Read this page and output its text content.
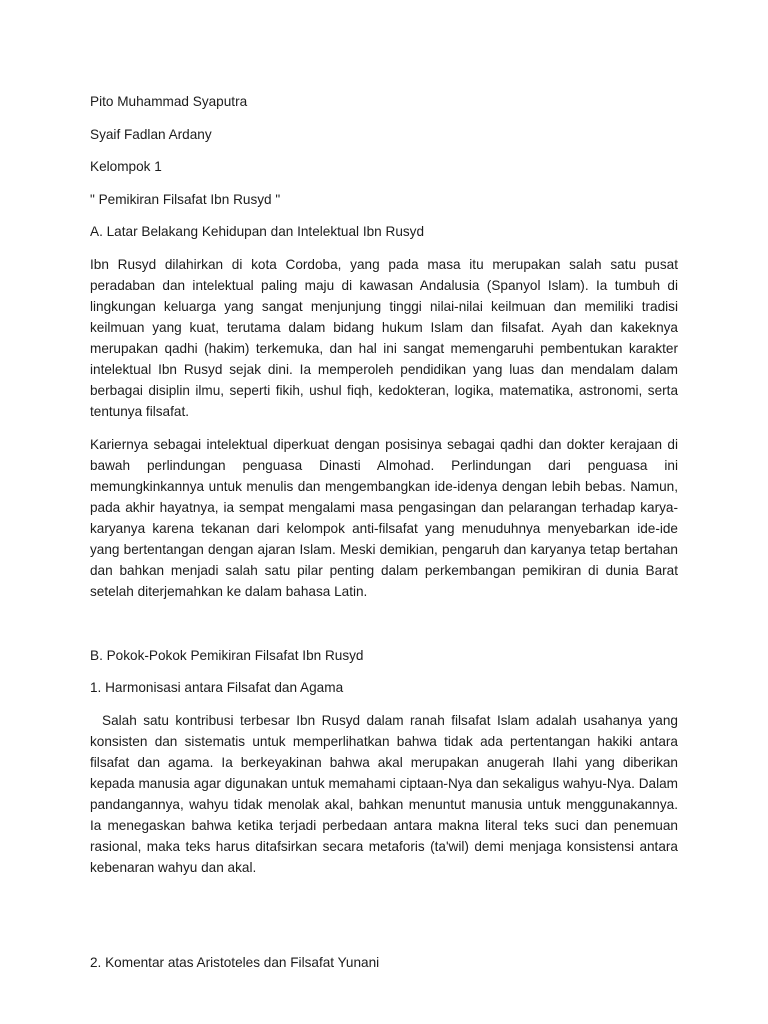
Pito Muhammad Syaputra

Syaif Fadlan Ardany

Kelompok 1

" Pemikiran Filsafat Ibn Rusyd "

A. Latar Belakang Kehidupan dan Intelektual Ibn Rusyd

Ibn Rusyd dilahirkan di kota Cordoba, yang pada masa itu merupakan salah satu pusat peradaban dan intelektual paling maju di kawasan Andalusia (Spanyol Islam). Ia tumbuh di lingkungan keluarga yang sangat menjunjung tinggi nilai-nilai keilmuan dan memiliki tradisi keilmuan yang kuat, terutama dalam bidang hukum Islam dan filsafat. Ayah dan kakeknya merupakan qadhi (hakim) terkemuka, dan hal ini sangat memengaruhi pembentukan karakter intelektual Ibn Rusyd sejak dini. Ia memperoleh pendidikan yang luas dan mendalam dalam berbagai disiplin ilmu, seperti fikih, ushul fiqh, kedokteran, logika, matematika, astronomi, serta tentunya filsafat.

Kariernya sebagai intelektual diperkuat dengan posisinya sebagai qadhi dan dokter kerajaan di bawah perlindungan penguasa Dinasti Almohad. Perlindungan dari penguasa ini memungkinkannya untuk menulis dan mengembangkan ide-idenya dengan lebih bebas. Namun, pada akhir hayatnya, ia sempat mengalami masa pengasingan dan pelarangan terhadap karya-karyanya karena tekanan dari kelompok anti-filsafat yang menuduhnya menyebarkan ide-ide yang bertentangan dengan ajaran Islam. Meski demikian, pengaruh dan karyanya tetap bertahan dan bahkan menjadi salah satu pilar penting dalam perkembangan pemikiran di dunia Barat setelah diterjemahkan ke dalam bahasa Latin.

B. Pokok-Pokok Pemikiran Filsafat Ibn Rusyd

1. Harmonisasi antara Filsafat dan Agama

Salah satu kontribusi terbesar Ibn Rusyd dalam ranah filsafat Islam adalah usahanya yang konsisten dan sistematis untuk memperlihatkan bahwa tidak ada pertentangan hakiki antara filsafat dan agama. Ia berkeyakinan bahwa akal merupakan anugerah Ilahi yang diberikan kepada manusia agar digunakan untuk memahami ciptaan-Nya dan sekaligus wahyu-Nya. Dalam pandangannya, wahyu tidak menolak akal, bahkan menuntut manusia untuk menggunakannya. Ia menegaskan bahwa ketika terjadi perbedaan antara makna literal teks suci dan penemuan rasional, maka teks harus ditafsirkan secara metaforis (ta'wil) demi menjaga konsistensi antara kebenaran wahyu dan akal.

2. Komentar atas Aristoteles dan Filsafat Yunani
